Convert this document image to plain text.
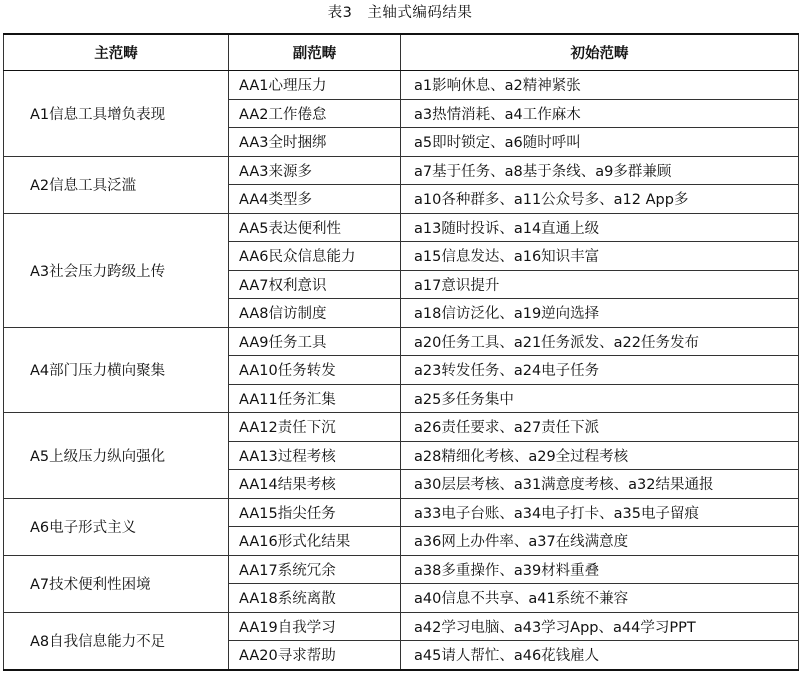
表3　主轴式编码结果
主范畴	副范畴	初始范畴
A1信息工具增负表现	AA1心理压力	a1影响休息、a2精神紧张
	AA2工作倦怠	a3热情消耗、a4工作麻木
	AA3全时捆绑	a5即时锁定、a6随时呼叫
A2信息工具泛滥	AA3来源多	a7基于任务、a8基于条线、a9多群兼顾
	AA4类型多	a10各种群多、a11公众号多、a12 App多
A3社会压力跨级上传	AA5表达便利性	a13随时投诉、a14直通上级
	AA6民众信息能力	a15信息发达、a16知识丰富
	AA7权利意识	a17意识提升
	AA8信访制度	a18信访泛化、a19逆向选择
A4部门压力横向聚集	AA9任务工具	a20任务工具、a21任务派发、a22任务发布
	AA10任务转发	a23转发任务、a24电子任务
	AA11任务汇集	a25多任务集中
A5上级压力纵向强化	AA12责任下沉	a26责任要求、a27责任下派
	AA13过程考核	a28精细化考核、a29全过程考核
	AA14结果考核	a30层层考核、a31满意度考核、a32结果通报
A6电子形式主义	AA15指尖任务	a33电子台账、a34电子打卡、a35电子留痕
	AA16形式化结果	a36网上办件率、a37在线满意度
A7技术便利性困境	AA17系统冗余	a38多重操作、a39材料重叠
	AA18系统离散	a40信息不共享、a41系统不兼容
A8自我信息能力不足	AA19自我学习	a42学习电脑、a43学习App、a44学习PPT
	AA20寻求帮助	a45请人帮忙、a46花钱雇人
